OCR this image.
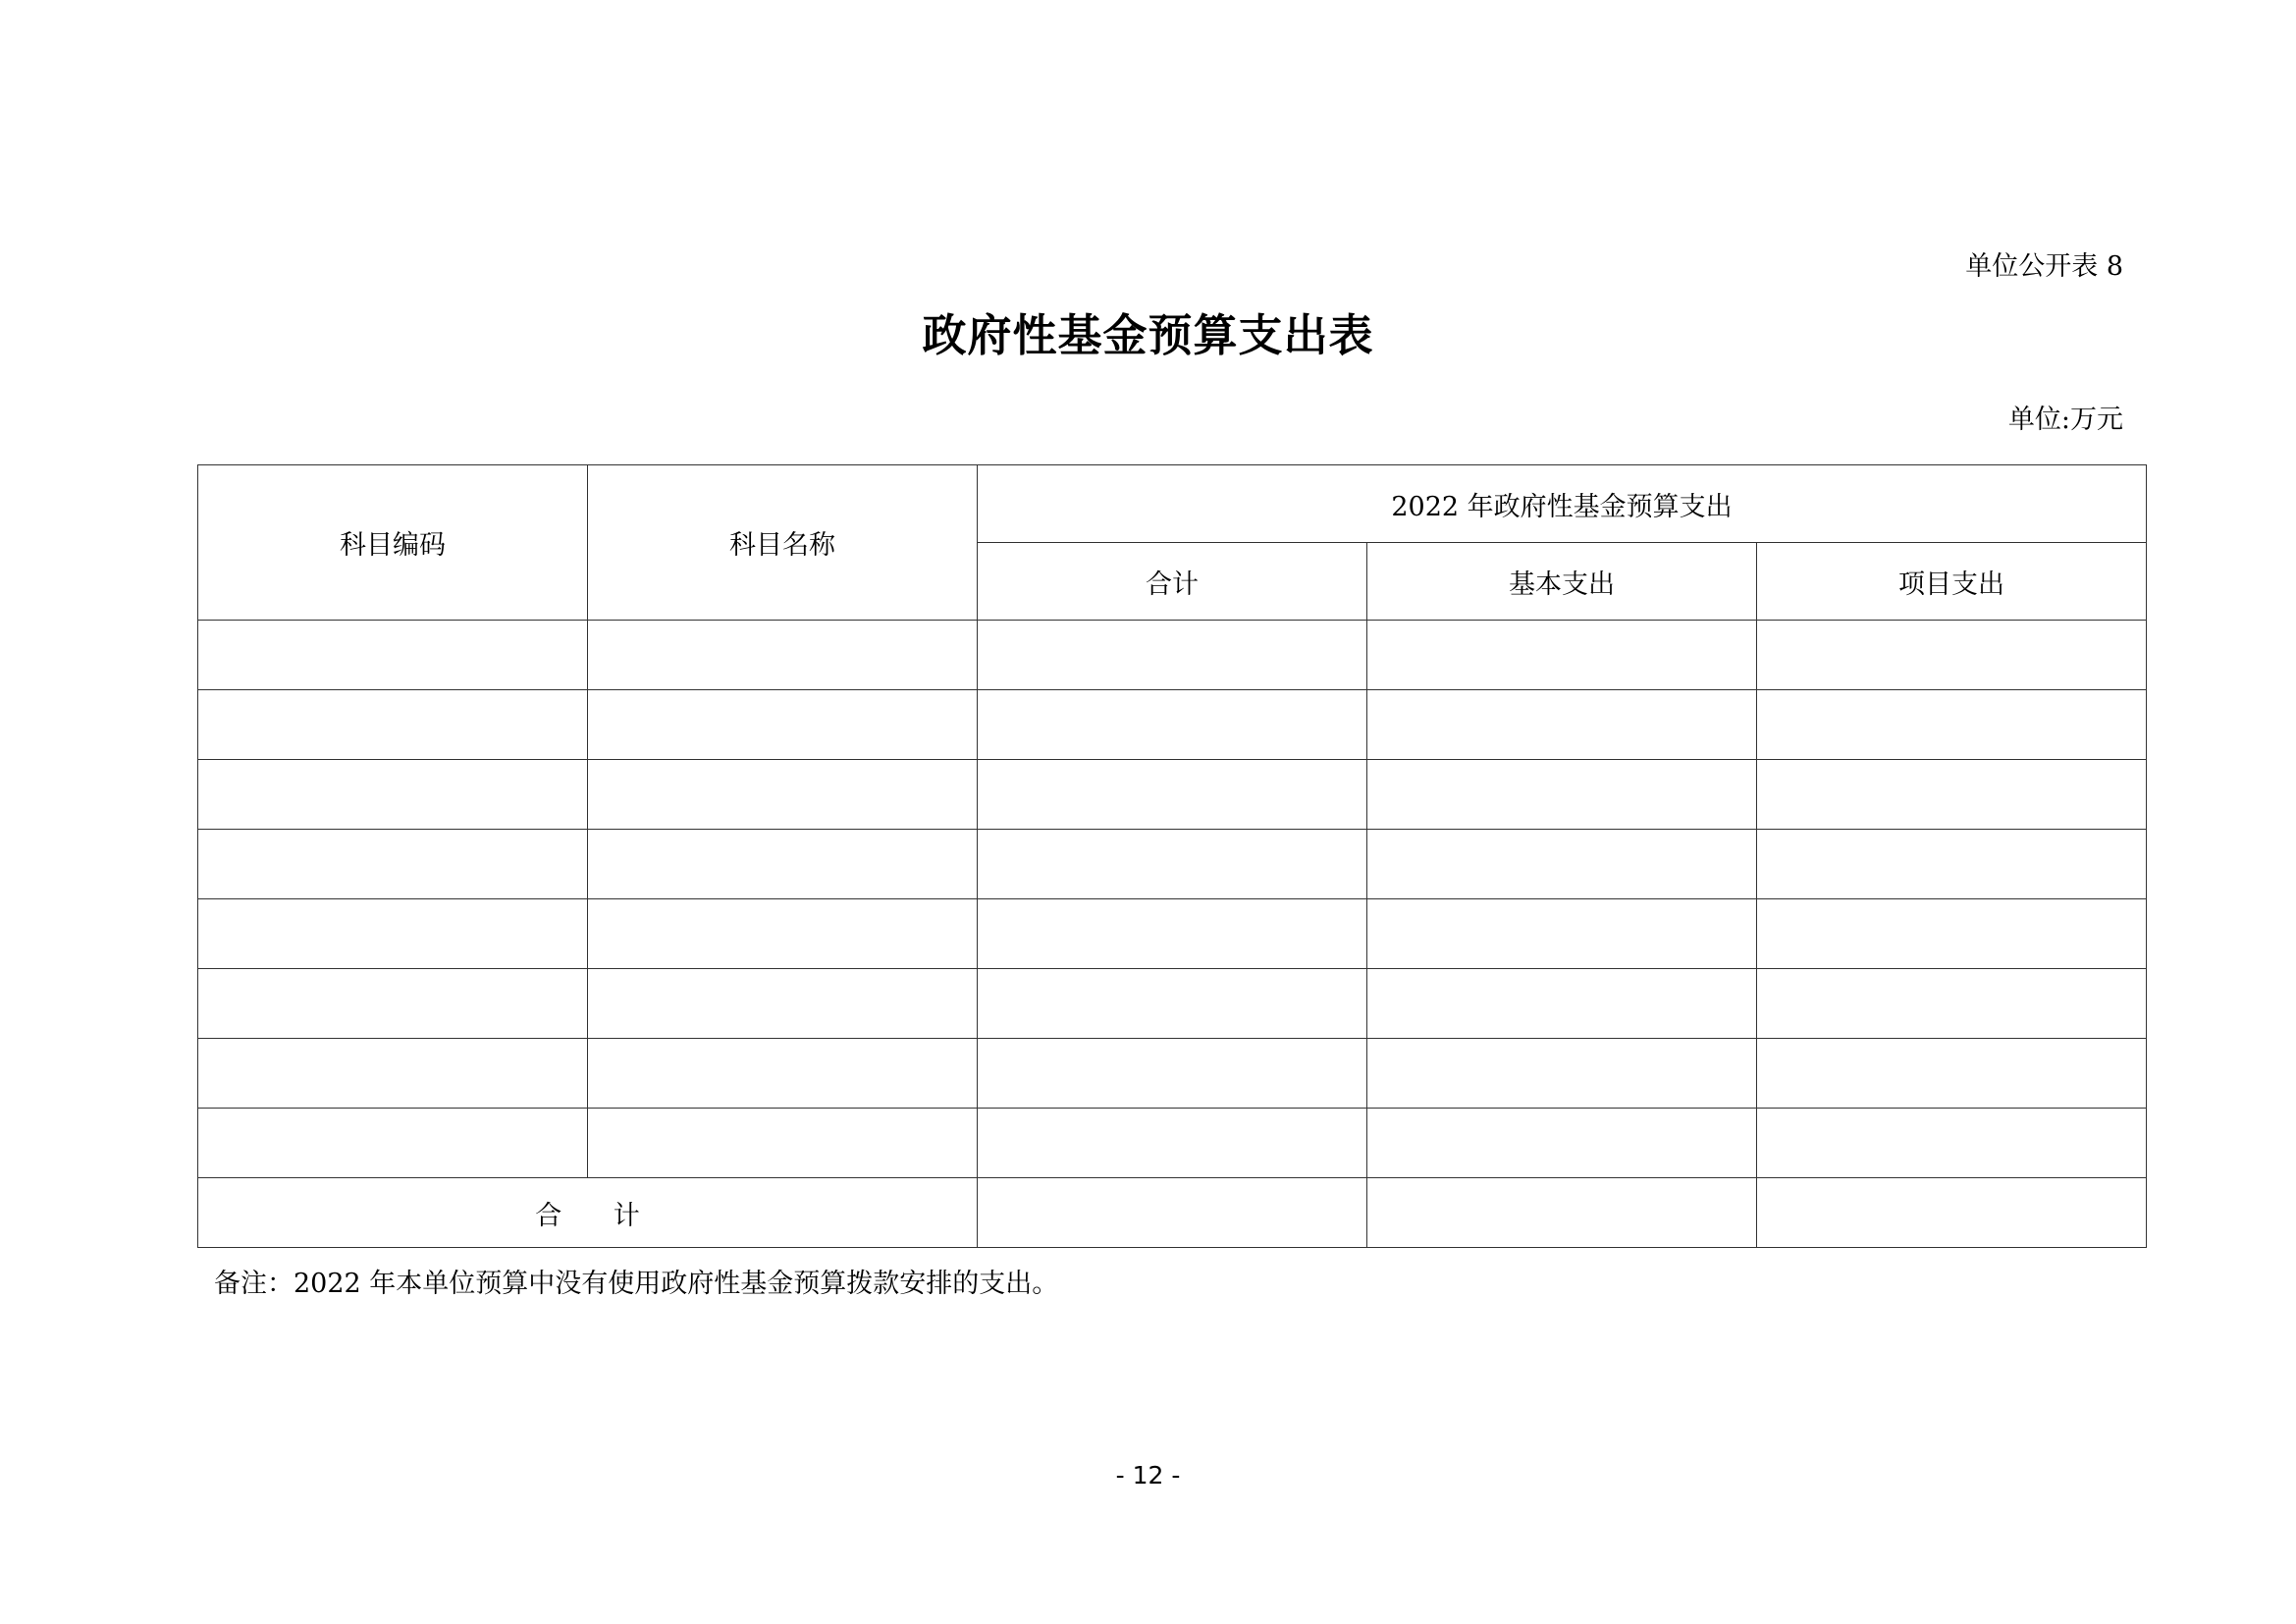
单位公开表 8
政府性基金预算支出表
单位:万元
科目编码	科目名称	2022 年政府性基金预算支出		
		合计	基本支出	项目支出

合 计				
备注：2022 年本单位预算中没有使用政府性基金预算拨款安排的支出。
- 12 -
